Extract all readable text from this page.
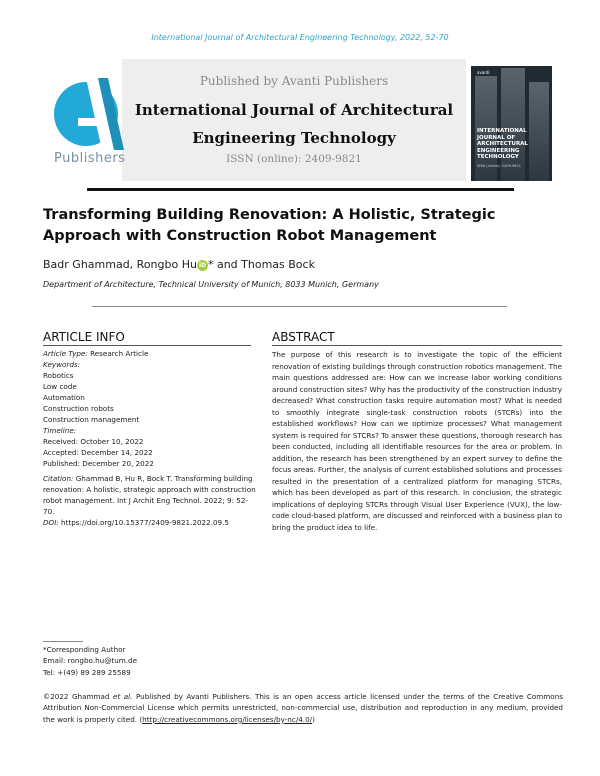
International Journal of Architectural Engineering Technology, 2022, 52-70
Publishers
Published by Avanti Publishers
International Journal of Architectural
Engineering Technology
ISSN (online): 2409-9821
avanti
INTERNATIONAL JOURNAL OF ARCHITECTURAL ENGINEERING TECHNOLOGY
ISSN (online): 2409-9821
Transforming Building Renovation: A Holistic, Strategic Approach with Construction Robot Management
Badr Ghammad, Rongbo Hu iD * and Thomas Bock
Department of Architecture, Technical University of Munich, 8033 Munich, Germany
ARTICLE INFO	ABSTRACT
Article Type: Research Article
Keywords:
Robotics
Low code
Automation
Construction robots
Construction management
Timeline:
Received: October 10, 2022
Accepted: December 14, 2022
Published: December 20, 2022
Citation: Ghammad B, Hu R, Bock T. Transforming building renovation: A holistic, strategic approach with construction robot management. Int J Archit Eng Technol. 2022; 9: 52-70.
DOI: https://doi.org/10.15377/2409-9821.2022.09.5
The purpose of this research is to investigate the topic of the efficient renovation of existing buildings through construction robotics management. The main questions addressed are: How can we increase labor working conditions around construction sites? Why has the productivity of the construction industry decreased? What construction tasks require automation most? What is needed to smoothly integrate single-task construction robots (STCRs) into the established workflows? How can we optimize processes? What management system is required for STCRs? To answer these questions, thorough research has been conducted, including all identifiable resources for the area or problem. In addition, the research has been strengthened by an expert survey to define the focus areas. Further, the analysis of current established solutions and processes resulted in the presentation of a centralized platform for managing STCRs, which has been developed as part of this research. In conclusion, the strategic implications of deploying STCRs through Visual User Experience (VUX), the low-code cloud-based platform, are discussed and reinforced with a business plan to bring the product idea to life.
*Corresponding Author
Email: rongbo.hu@tum.de
Tel: +(49) 89 289 25589
©2022 Ghammad et al. Published by Avanti Publishers. This is an open access article licensed under the terms of the Creative Commons Attribution Non-Commercial License which permits unrestricted, non-commercial use, distribution and reproduction in any medium, provided the work is properly cited. (http://creativecommons.org/licenses/by-nc/4.0/)
